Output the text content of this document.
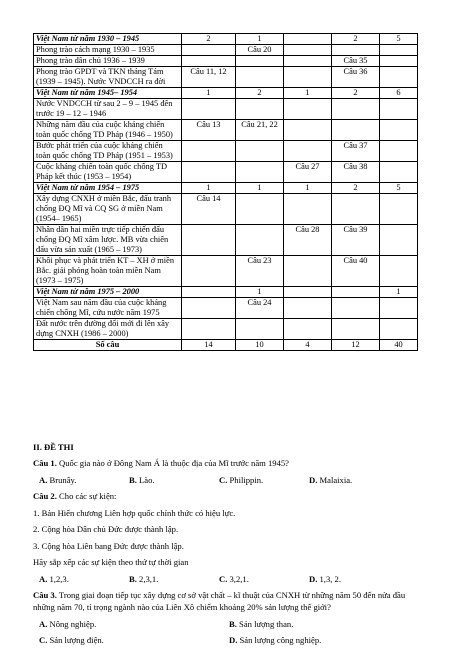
Việt Nam từ năm 1930 – 1945	2	1		2	5
Phong trào cách mạng 1930 – 1935		Câu 20			
Phong trào dân chủ 1936 – 1939				Câu 35	
Phong trào GPDT và TKN tháng Tám (1939 – 1945). Nước VNDCCH ra đời	Câu 11, 12			Câu 36	
Việt Nam từ năm 1945– 1954	1	2	1	2	6
Nước VNDCCH từ sau 2 – 9 – 1945 đến trước 19 – 12 – 1946					
Những năm đầu của cuộc kháng chiến toàn quốc chống TD Pháp (1946 – 1950)	Câu 13	Câu 21, 22			
Bước phát triển của cuộc kháng chiến toàn quốc chống TD Pháp (1951 – 1953)				Câu 37	
Cuộc kháng chiến toàn quốc chống TD Pháp kết thúc (1953 – 1954)			Câu 27	Câu 38	
Việt Nam từ năm 1954 – 1975	1	1	1	2	5
Xây dựng CNXH ở miền Bắc, đấu tranh chống ĐQ Mĩ và CQ SG ở miền Nam (1954– 1965)	Câu 14				
Nhân dân hai miền trực tiếp chiến đấu chống ĐQ Mĩ xâm lược. MB vừa chiến đấu vừa sản xuất (1965 – 1973)			Câu 28	Câu 39	
Khôi phục và phát triển KT – XH ở miền Bắc. giải phóng hoàn toàn miền Nam (1973 – 1975)		Câu 23		Câu 40	
Việt Nam từ năm 1975 – 2000		1			1
Việt Nam sau năm đầu của cuộc kháng chiến chống Mĩ, cứu nước năm 1975		Câu 24			
Đất nước trên đường đổi mới đi lên xây dựng CNXH (1986 – 2000)					
Số câu	14	10	4	12	40
II. ĐỀ THI

Câu 1. Quốc gia nào ở Đông Nam Á là thuộc địa của Mĩ trước năm 1945?

A. Brunây.	B. Lào.	C. Philippin.	D. Malaixia.

Câu 2. Cho các sự kiện:

1. Bản Hiến chương Liên hợp quốc chính thức có hiệu lực.

2. Cộng hòa Dân chủ Đức được thành lập.

3. Cộng hòa Liên bang Đức được thành lập.

Hãy sắp xếp các sự kiện theo thứ tự thời gian

A. 1,2,3.	B. 2,3,1.	C. 3,2,1.	D. 1,3, 2.

Câu 3. Trong giai đoạn tiếp tục xây dựng cơ sở vật chất – kĩ thuật của CNXH từ những năm 50 đến nửa đầu những năm 70, tỉ trọng ngành nào của Liên Xô chiếm khoảng 20% sản lượng thế giới?

A. Nông nghiệp.	B. Sản lượng than.
C. Sản lượng điện.	D. Sản lượng công nghiệp.
